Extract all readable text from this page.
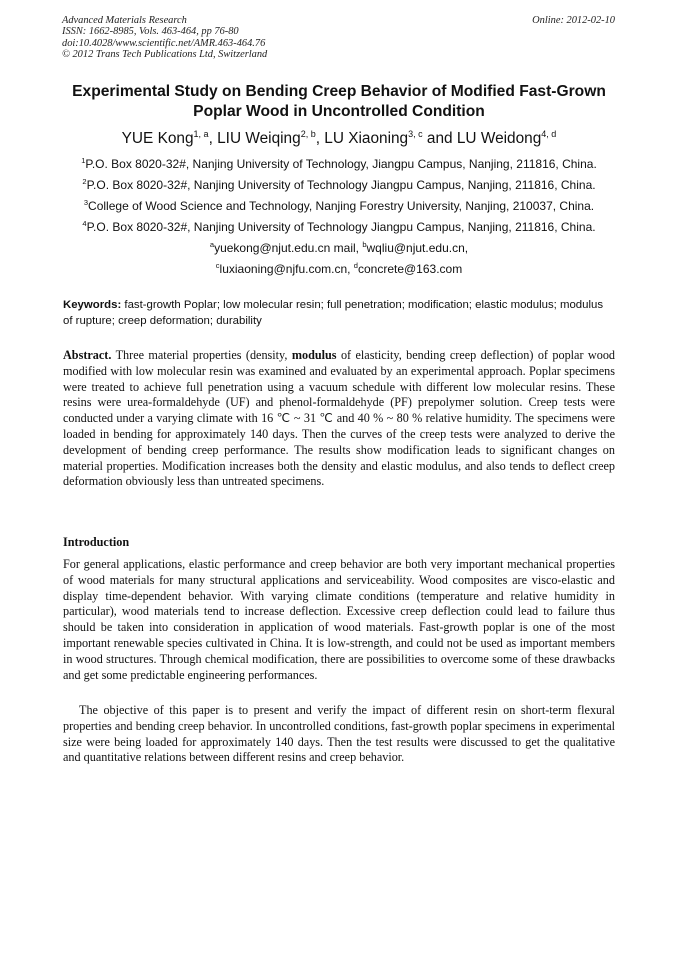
Advanced Materials Research
ISSN: 1662-8985, Vols. 463-464, pp 76-80
doi:10.4028/www.scientific.net/AMR.463-464.76
© 2012 Trans Tech Publications Ltd, Switzerland
Online: 2012-02-10
Experimental Study on Bending Creep Behavior of Modified Fast-Grown Poplar Wood in Uncontrolled Condition
YUE Kong$^{1, a}$, LIU Weiqing$^{2, b}$, LU Xiaoning$^{3, c}$ and LU Weidong$^{4, d}$
$^1$P.O. Box 8020-32#, Nanjing University of Technology, Jiangpu Campus, Nanjing, 211816, China.
$^2$P.O. Box 8020-32#, Nanjing University of Technology Jiangpu Campus, Nanjing, 211816, China.
$^3$College of Wood Science and Technology, Nanjing Forestry University, Nanjing, 210037, China.
$^4$P.O. Box 8020-32#, Nanjing University of Technology Jiangpu Campus, Nanjing, 211816, China.
$^a$yuekong@njut.edu.cn mail, $^b$wqliu@njut.edu.cn,
$^c$luxiaoning@njfu.com.cn, $^d$concrete@163.com
Keywords: fast-growth Poplar; low molecular resin; full penetration; modification; elastic modulus; modulus of rupture; creep deformation; durability
Abstract. Three material properties (density, modulus of elasticity, bending creep deflection) of poplar wood modified with low molecular resin was examined and evaluated by an experimental approach. Poplar specimens were treated to achieve full penetration using a vacuum schedule with different low molecular resins. These resins were urea-formaldehyde (UF) and phenol-formaldehyde (PF) prepolymer solution. Creep tests were conducted under a varying climate with 16 ℃ ~ 31 ℃ and 40 % ~ 80 % relative humidity. The specimens were loaded in bending for approximately 140 days. Then the curves of the creep tests were analyzed to derive the development of bending creep performance. The results show modification leads to significant changes on material properties. Modification increases both the density and elastic modulus, and also tends to deflect creep deformation obviously less than untreated specimens.
Introduction
For general applications, elastic performance and creep behavior are both very important mechanical properties of wood materials for many structural applications and serviceability. Wood composites are visco-elastic and display time-dependent behavior. With varying climate conditions (temperature and relative humidity in particular), wood materials tend to increase deflection. Excessive creep deflection could lead to failure thus should be taken into consideration in application of wood materials. Fast-growth poplar is one of the most important renewable species cultivated in China. It is low-strength, and could not be used as important members in wood structures. Through chemical modification, there are possibilities to overcome some of these drawbacks and get some predictable engineering performances.
The objective of this paper is to present and verify the impact of different resin on short-term flexural properties and bending creep behavior. In uncontrolled conditions, fast-growth poplar specimens in experimental size were being loaded for approximately 140 days. Then the test results were discussed to get the qualitative and quantitative relations between different resins and creep behavior.
